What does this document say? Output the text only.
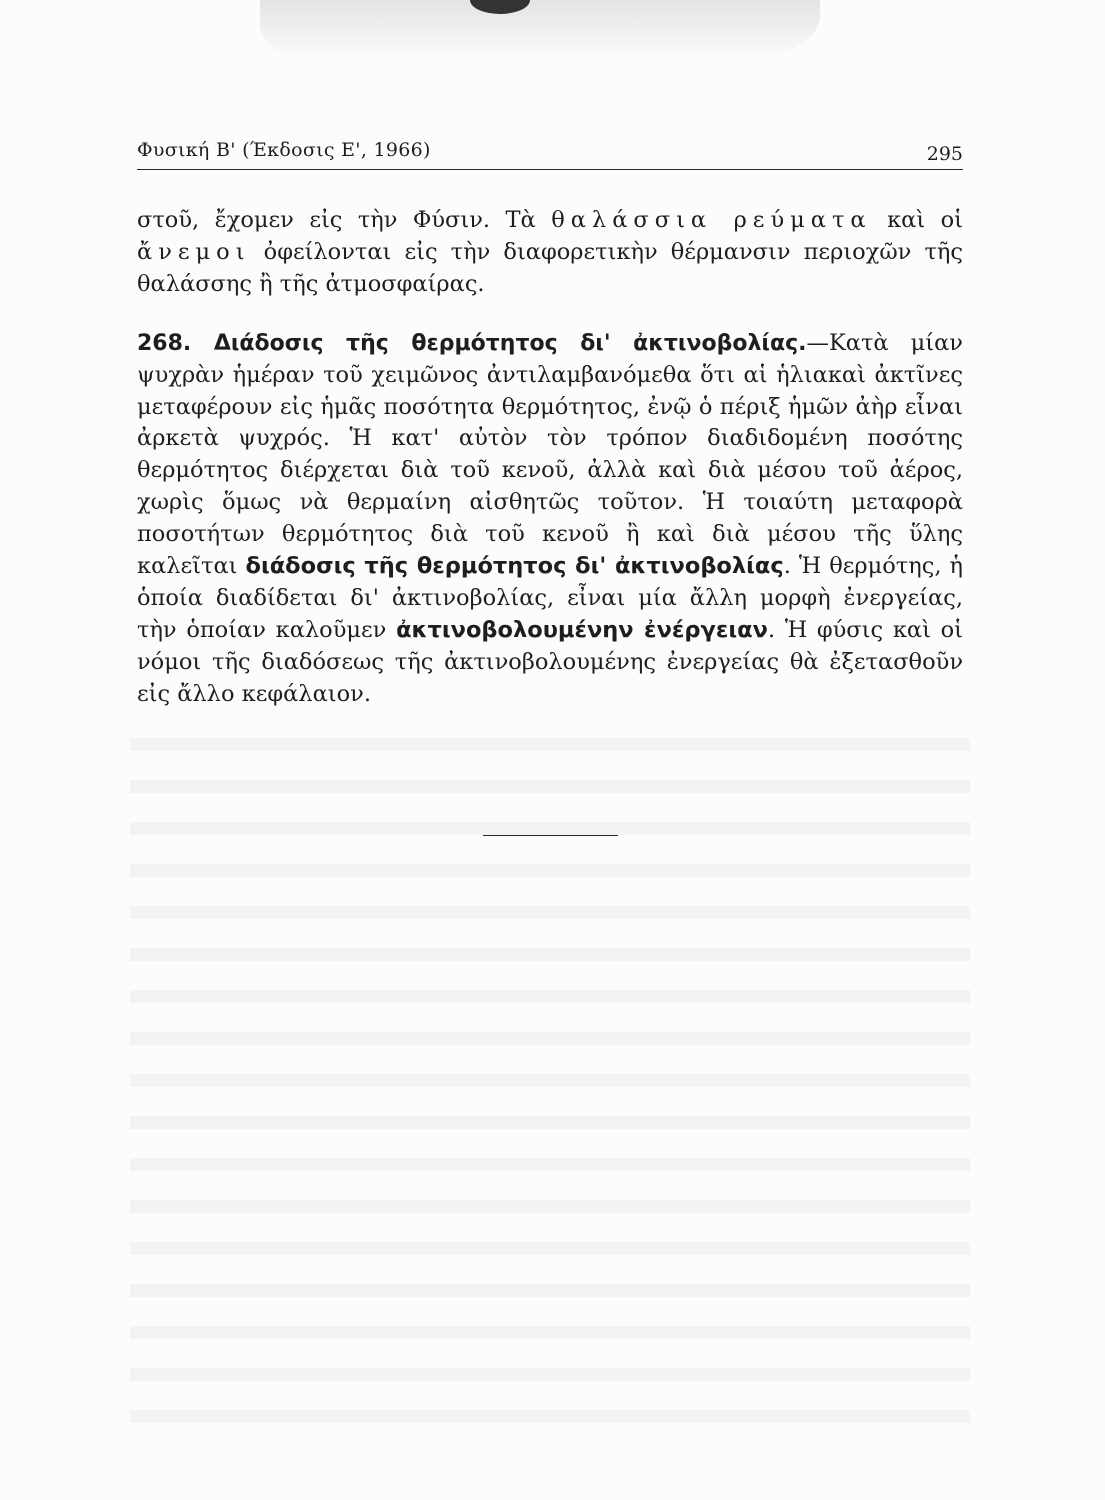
Φυσική Β' (Έκδοσις Ε', 1966)	295

στοῦ, ἔχομεν εἰς τὴν Φύσιν. Τὰ θαλάσσια ρεύματα καὶ οἱ ἄνεμοι ὀφείλονται εἰς τὴν διαφορετικὴν θέρμανσιν περιοχῶν τῆς θαλάσσης ἢ τῆς ἀτμοσφαίρας.

268. Διάδοσις τῆς θερμότητος δι' ἀκτινοβολίας.—Κατὰ μίαν ψυχρὰν ἡμέραν τοῦ χειμῶνος ἀντιλαμβανόμεθα ὅτι αἱ ἡλιακαὶ ἀκτῖνες μεταφέρουν εἰς ἡμᾶς ποσότητα θερμότητος, ἐνῷ ὁ πέριξ ἡμῶν ἀὴρ εἶναι ἀρκετὰ ψυχρός. Ἡ κατ' αὐτὸν τὸν τρόπον διαδιδομένη ποσότης θερμότητος διέρχεται διὰ τοῦ κενοῦ, ἀλλὰ καὶ διὰ μέσου τοῦ ἀέρος, χωρὶς ὅμως νὰ θερμαίνη αἰσθητῶς τοῦτον. Ἡ τοιαύτη μεταφορὰ ποσοτήτων θερμότητος διὰ τοῦ κενοῦ ἢ καὶ διὰ μέσου τῆς ὕλης καλεῖται διάδοσις τῆς θερμότητος δι' ἀκτινοβολίας. Ἡ θερμότης, ἡ ὁποία διαδίδεται δι' ἀκτινοβολίας, εἶναι μία ἄλλη μορφὴ ἐνεργείας, τὴν ὁποίαν καλοῦμεν ἀκτινοβολουμένην ἐνέργειαν. Ἡ φύσις καὶ οἱ νόμοι τῆς διαδόσεως τῆς ἀκτινοβολουμένης ἐνεργείας θὰ ἐξετασθοῦν εἰς ἄλλο κεφάλαιον.
